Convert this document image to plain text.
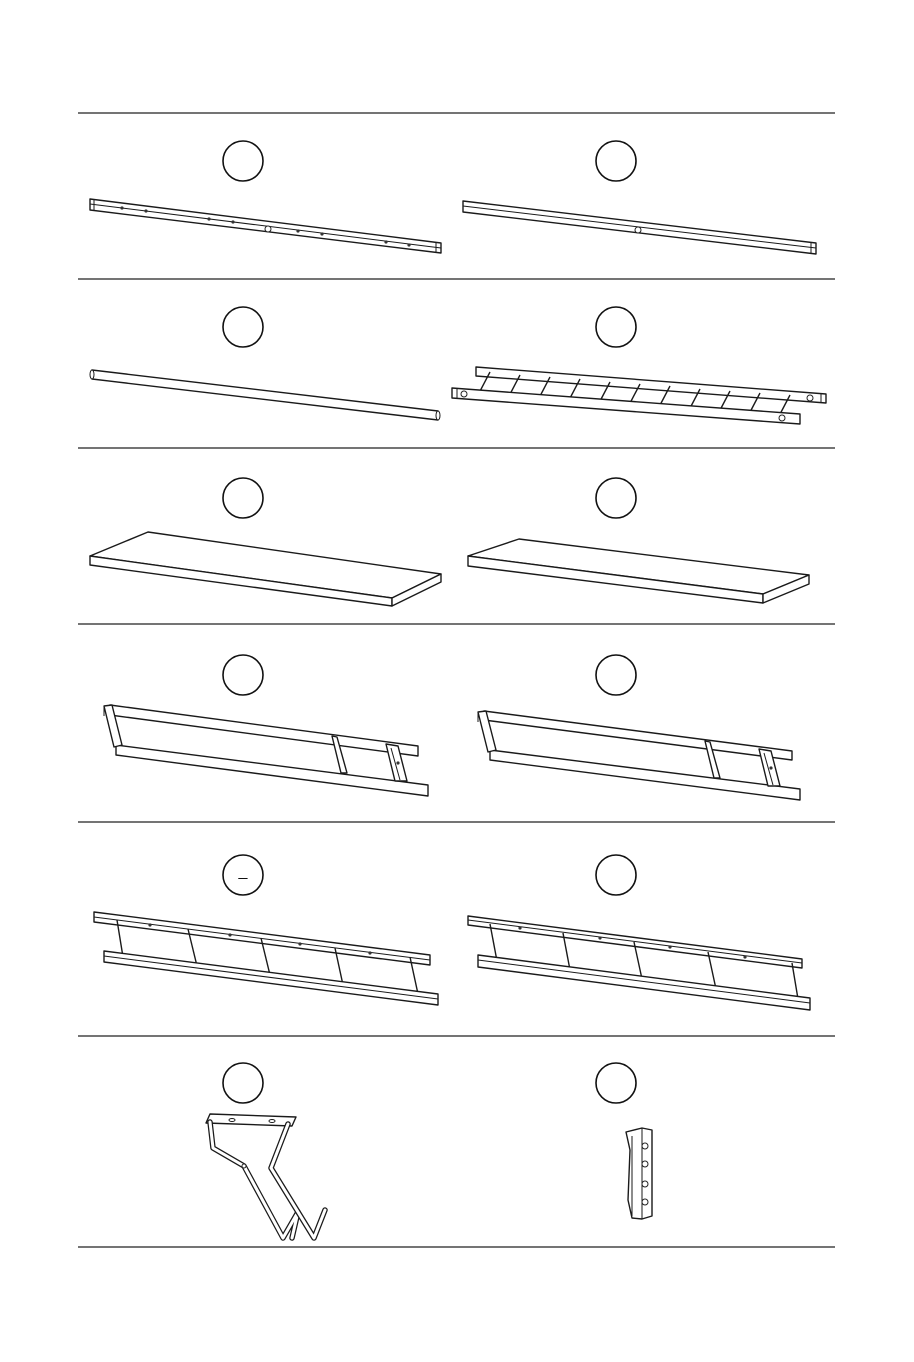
_
